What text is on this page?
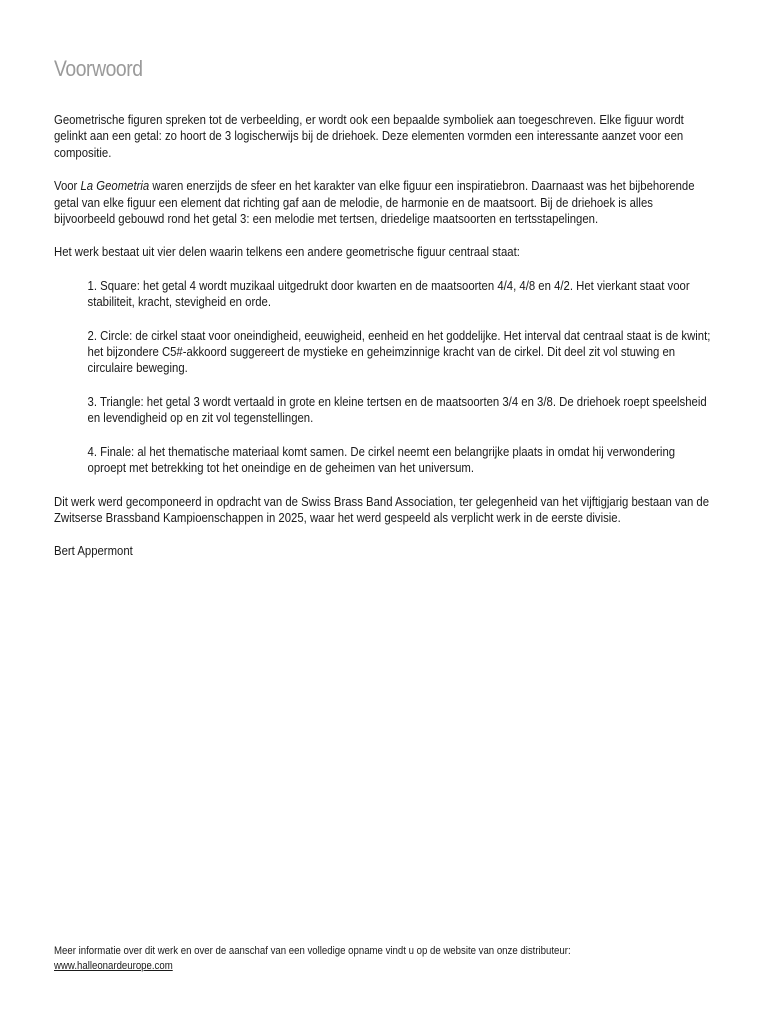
Voorwoord

Geometrische figuren spreken tot de verbeelding, er wordt ook een bepaalde symboliek aan toegeschreven. Elke figuur wordt gelinkt aan een getal: zo hoort de 3 logischerwijs bij de driehoek. Deze elementen vormden een interessante aanzet voor een compositie.

Voor La Geometria waren enerzijds de sfeer en het karakter van elke figuur een inspiratiebron. Daarnaast was het bijbehorende getal van elke figuur een element dat richting gaf aan de melodie, de harmonie en de maatsoort. Bij de driehoek is alles bijvoorbeeld gebouwd rond het getal 3: een melodie met tertsen, driedelige maatsoorten en tertsstapelingen.

Het werk bestaat uit vier delen waarin telkens een andere geometrische figuur centraal staat:

1. Square: het getal 4 wordt muzikaal uitgedrukt door kwarten en de maatsoorten 4/4, 4/8 en 4/2. Het vierkant staat voor stabiliteit, kracht, stevigheid en orde.

2. Circle: de cirkel staat voor oneindigheid, eeuwigheid, eenheid en het goddelijke. Het interval dat centraal staat is de kwint; het bijzondere C5#-akkoord suggereert de mystieke en geheimzinnige kracht van de cirkel. Dit deel zit vol stuwing en circulaire beweging.

3. Triangle: het getal 3 wordt vertaald in grote en kleine tertsen en de maatsoorten 3/4 en 3/8. De driehoek roept speelsheid en levendigheid op en zit vol tegenstellingen.

4. Finale: al het thematische materiaal komt samen. De cirkel neemt een belangrijke plaats in omdat hij verwondering oproept met betrekking tot het oneindige en de geheimen van het universum.

Dit werk werd gecomponeerd in opdracht van de Swiss Brass Band Association, ter gelegenheid van het vijftigjarig bestaan van de Zwitserse Brassband Kampioenschappen in 2025, waar het werd gespeeld als verplicht werk in de eerste divisie.

Bert Appermont

Meer informatie over dit werk en over de aanschaf van een volledige opname vindt u op de website van onze distributeur:
www.halleonardeurope.com
